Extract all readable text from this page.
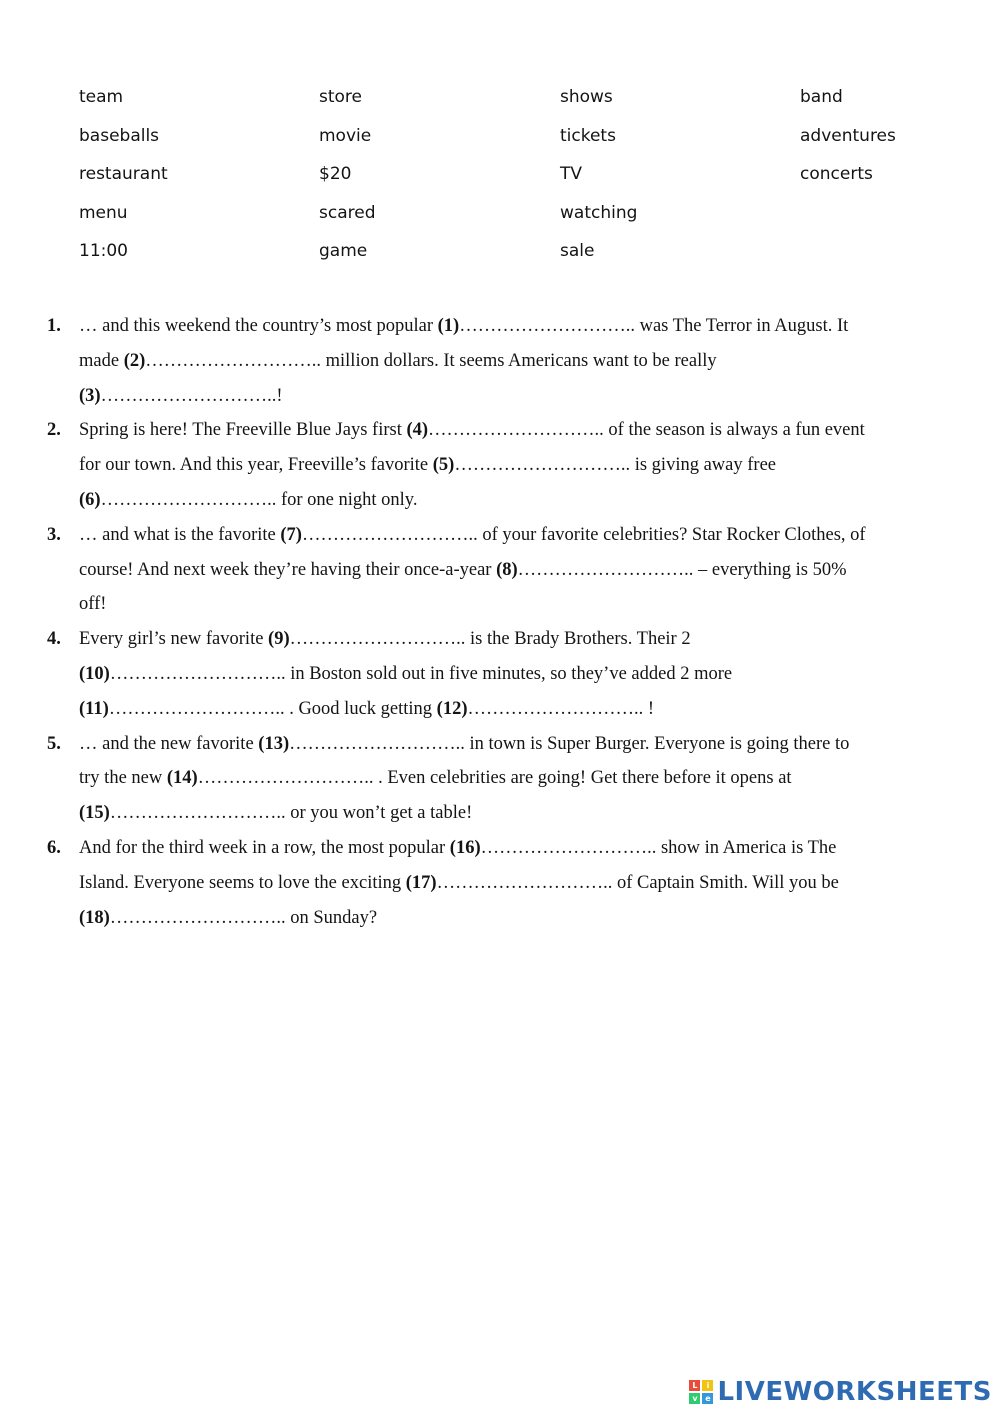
team	store	shows	band
baseballs	movie	tickets	adventures
restaurant	$20	TV	concerts
menu	scared	watching
11:00	game	sale
1. … and this weekend the country’s most popular (1)……………………….. was The Terror in August. It
made (2)……………………….. million dollars. It seems Americans want to be really
(3)………………………..!
2. Spring is here! The Freeville Blue Jays first (4)……………………….. of the season is always a fun event
for our town. And this year, Freeville’s favorite (5)……………………….. is giving away free
(6)……………………….. for one night only.
3. … and what is the favorite (7)……………………….. of your favorite celebrities? Star Rocker Clothes, of
course! And next week they’re having their once-a-year (8)……………………….. – everything is 50%
off!
4. Every girl’s new favorite (9)……………………….. is the Brady Brothers. Their 2
(10)……………………….. in Boston sold out in five minutes, so they’ve added 2 more
(11)……………………….. . Good luck getting (12)……………………….. !
5. … and the new favorite (13)……………………….. in town is Super Burger. Everyone is going there to
try the new (14)……………………….. . Even celebrities are going! Get there before it opens at
(15)……………………….. or you won’t get a table!
6. And for the third week in a row, the most popular (16)……………………….. show in America is The
Island. Everyone seems to love the exciting (17)……………………….. of Captain Smith. Will you be
(18)……………………….. on Sunday?
L	i
v e LIVEWORKSHEETS
